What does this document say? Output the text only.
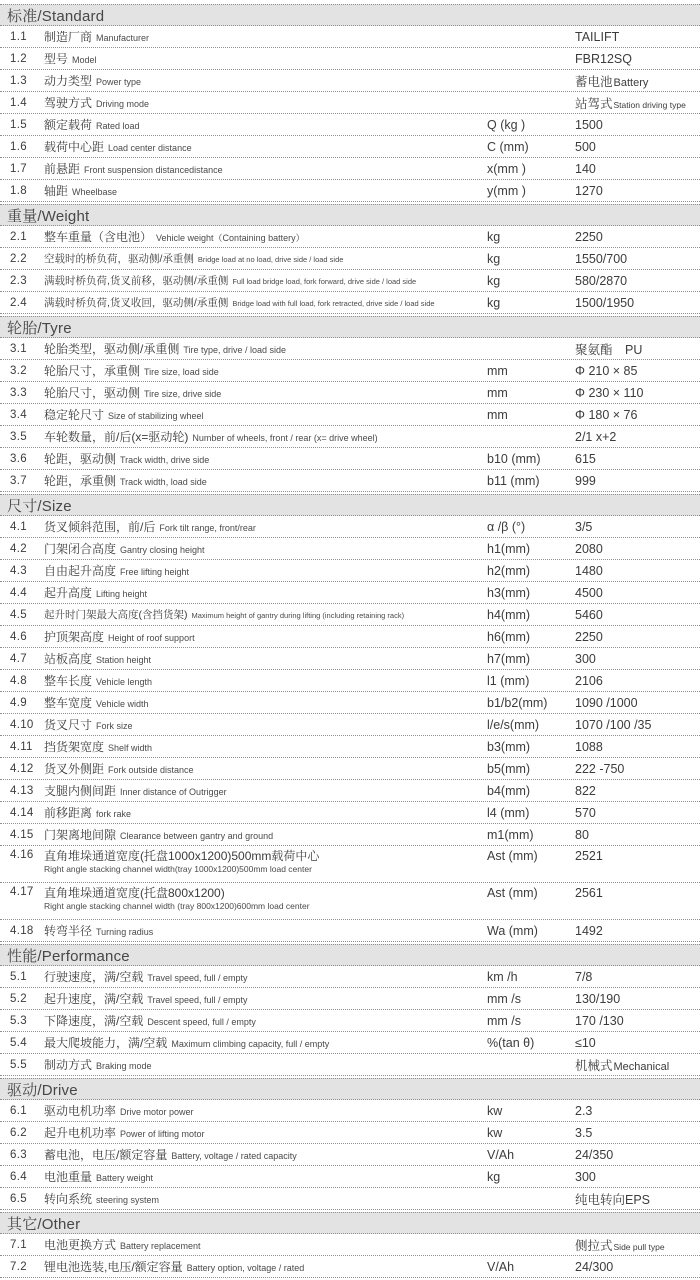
标准/Standard
1.1	制造厂商 Manufacturer	TAILIFT
1.2	型号 Model	FBR12SQ
1.3	动力类型 Power type	蓄电池 Battery
1.4	驾驶方式 Driving mode	站驾式 Station driving type
1.5	额定载荷 Rated load	Q (kg )	1500
1.6	载荷中心距 Load center distance	C (mm)	500
1.7	前悬距 Front suspension distancedistance	x(mm )	140
1.8	轴距 Wheelbase	y(mm )	1270
重量/Weight
2.1	整车重量（含电池） Vehicle weight（Containing battery）	kg	2250
2.2	空载时的桥负荷，驱动侧/承重侧 Bridge load at no load, drive side / load side	kg	1550/700
2.3	满载时桥负荷,货叉前移，驱动侧/承重侧 Full load bridge load, fork forward, drive side / load side	kg	580/2870
2.4	满载时桥负荷,货叉收回，驱动侧/承重侧 Bridge load with full load, fork retracted, drive side / load side	kg	1500/1950
轮胎/Tyre
3.1	轮胎类型，驱动侧/承重侧 Tire type, drive / load side	聚氨酯　PU
3.2	轮胎尺寸，承重侧 Tire size, load side	mm	Φ 210 × 85
3.3	轮胎尺寸，驱动侧 Tire size, drive side	mm	Φ 230 × 110
3.4	稳定轮尺寸 Size of stabilizing wheel	mm	Φ 180 × 76
3.5	车轮数量，前/后(x=驱动轮) Number of wheels, front / rear (x= drive wheel)	2/1 x+2
3.6	轮距，驱动侧 Track width, drive side	b10 (mm)	615
3.7	轮距，承重侧 Track width, load side	b11 (mm)	999
尺寸/Size
4.1	货叉倾斜范围，前/后 Fork tilt range, front/rear	α /β (°)	3/5
4.2	门架闭合高度 Gantry closing height	h1(mm)	2080
4.3	自由起升高度 Free lifting height	h2(mm)	1480
4.4	起升高度 Lifting height	h3(mm)	4500
4.5	起升时门架最大高度(含挡货架) Maximum height of gantry during lifting (including retaining rack)	h4(mm)	5460
4.6	护顶架高度 Height of roof support	h6(mm)	2250
4.7	站板高度 Station height	h7(mm)	300
4.8	整车长度 Vehicle length	l1 (mm)	2106
4.9	整车宽度 Vehicle width	b1/b2(mm)	1090 /1000
4.10 货叉尺寸 Fork size	l/e/s(mm)	1070 /100 /35
4.11 挡货架宽度 Shelf width	b3(mm)	1088
4.12 货叉外侧距 Fork outside distance	b5(mm)	222 -750
4.13 支腿内侧间距 Inner distance of Outrigger	b4(mm)	822
4.14 前移距离 fork rake	l4 (mm)	570
4.15 门架离地间隙 Clearance between gantry and ground	m1(mm)	80
4.16 直角堆垛通道宽度(托盘1000x1200)500mm载荷中心
Right angle stacking channel width(tray 1000x1200)500mm load center
Ast (mm)	2521
4.17 直角堆垛通道宽度(托盘800x1200)
Right angle stacking channel width (tray 800x1200)600mm load center
Ast (mm)	2561
4.18 转弯半径 Turning radius	Wa (mm)	1492
性能/Performance
5.1	行驶速度，满/空载 Travel speed, full / empty	km /h	7/8
5.2	起升速度，满/空载 Travel speed, full / empty	mm /s	130/190
5.3	下降速度，满/空载 Descent speed, full / empty	mm /s	170 /130
5.4	最大爬坡能力，满/空载 Maximum climbing capacity, full / empty	%(tan θ)	≤10
5.5	制动方式 Braking mode	机械式 Mechanical
驱动/Drive
6.1	驱动电机功率 Drive motor power	kw	2.3
6.2	起升电机功率 Power of lifting motor	kw	3.5
6.3	蓄电池，电压/额定容量 Battery, voltage / rated capacity	V/Ah	24/350
6.4	电池重量 Battery weight	kg	300
6.5	转向系统 steering system	纯电转向EPS
其它/Other
7.1	电池更换方式 Battery replacement	侧拉式 Side pull type
7.2	锂电池选装,电压/额定容量 Battery option, voltage / rated	V/Ah	24/300
